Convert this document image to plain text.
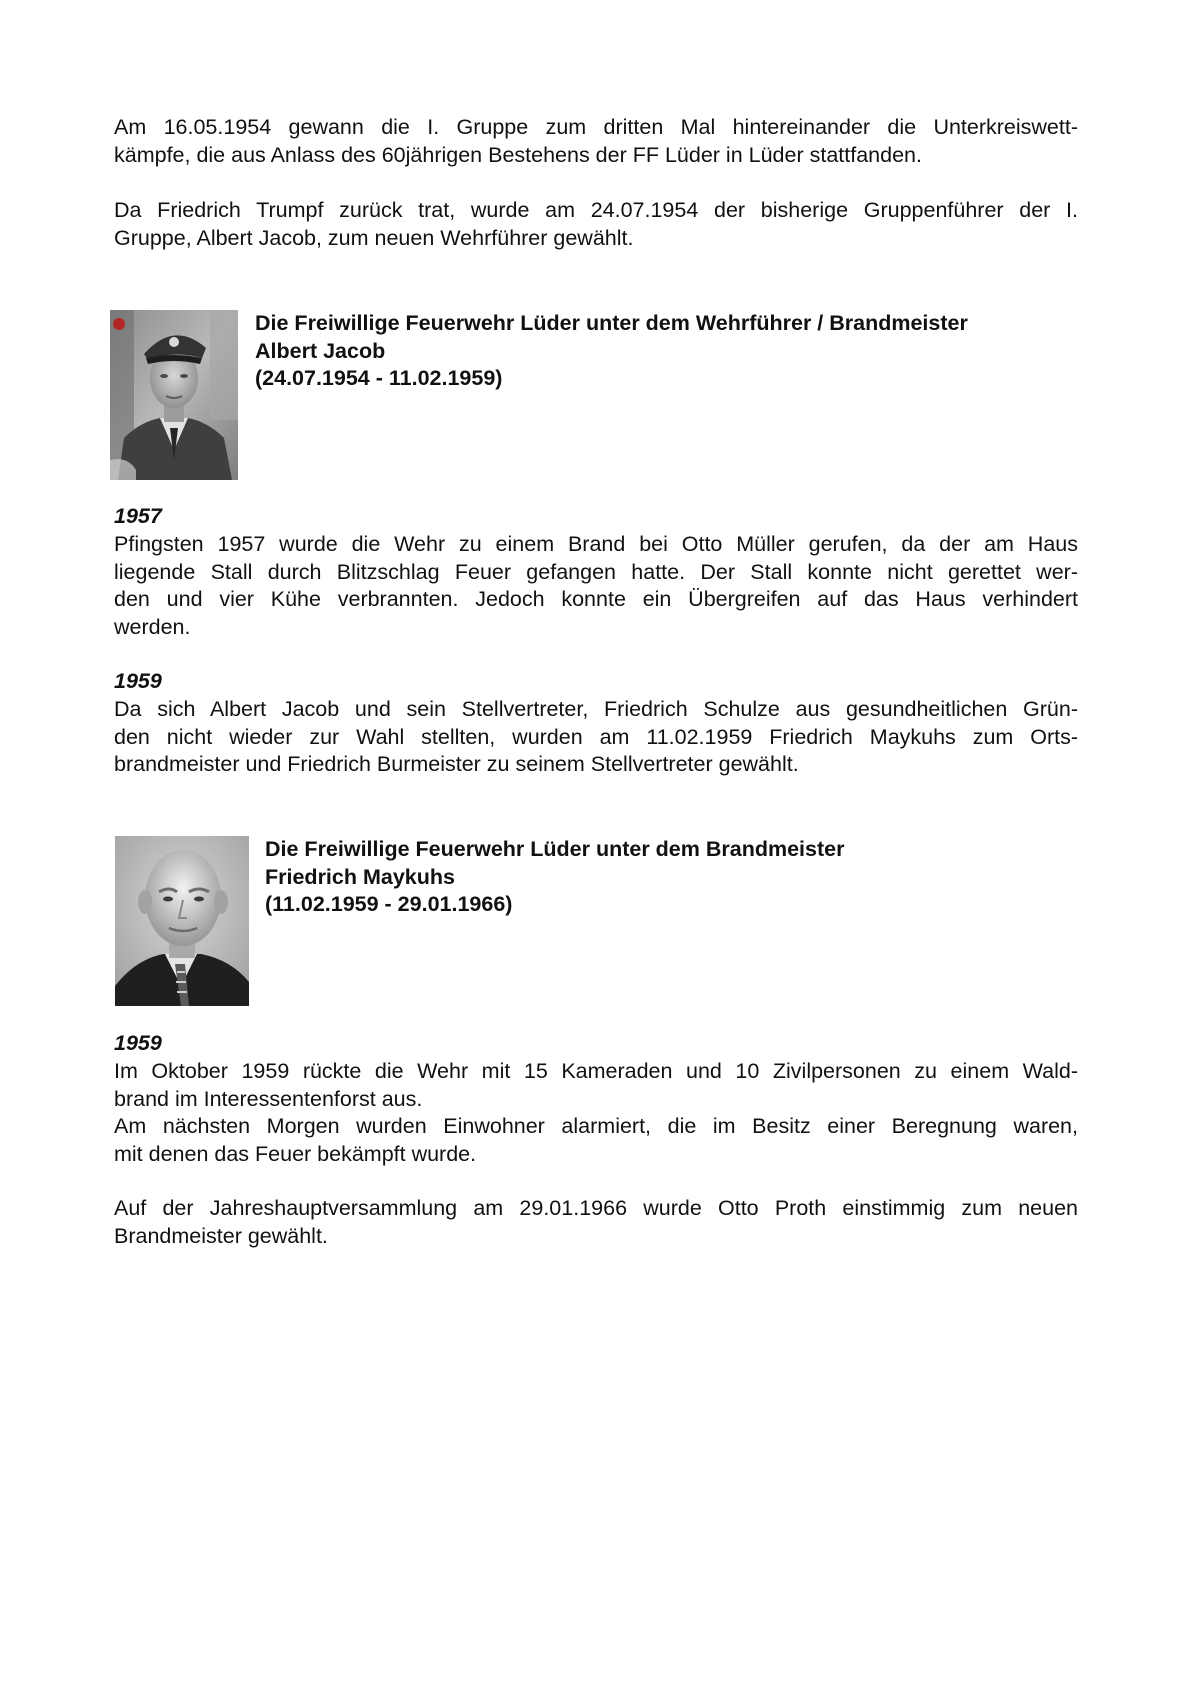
Am 16.05.1954 gewann die I. Gruppe zum dritten Mal hintereinander die Unterkreiswett-
kämpfe, die aus Anlass des 60jährigen Bestehens der FF Lüder in Lüder stattfanden.

Da Friedrich Trumpf zurück trat, wurde am 24.07.1954 der bisherige Gruppenführer der I.
Gruppe, Albert Jacob, zum neuen Wehrführer gewählt.

Die Freiwillige Feuerwehr Lüder unter dem Wehrführer / Brandmeister
Albert Jacob
(24.07.1954 - 11.02.1959)

1957

Pfingsten 1957 wurde die Wehr zu einem Brand bei Otto Müller gerufen, da der am Haus
liegende Stall durch Blitzschlag Feuer gefangen hatte. Der Stall konnte nicht gerettet wer-
den und vier Kühe verbrannten. Jedoch konnte ein Übergreifen auf das Haus verhindert
werden.

1959

Da sich Albert Jacob und sein Stellvertreter, Friedrich Schulze aus gesundheitlichen Grün-
den nicht wieder zur Wahl stellten, wurden am 11.02.1959 Friedrich Maykuhs zum Orts-
brandmeister und Friedrich Burmeister zu seinem Stellvertreter gewählt.

Die Freiwillige Feuerwehr Lüder unter dem Brandmeister
Friedrich Maykuhs
(11.02.1959 - 29.01.1966)

1959

Im Oktober 1959 rückte die Wehr mit 15 Kameraden und 10 Zivilpersonen zu einem Wald-
brand im Interessentenforst aus.
Am nächsten Morgen wurden Einwohner alarmiert, die im Besitz einer Beregnung waren,
mit denen das Feuer bekämpft wurde.

Auf der Jahreshauptversammlung am 29.01.1966 wurde Otto Proth einstimmig zum neuen
Brandmeister gewählt.
